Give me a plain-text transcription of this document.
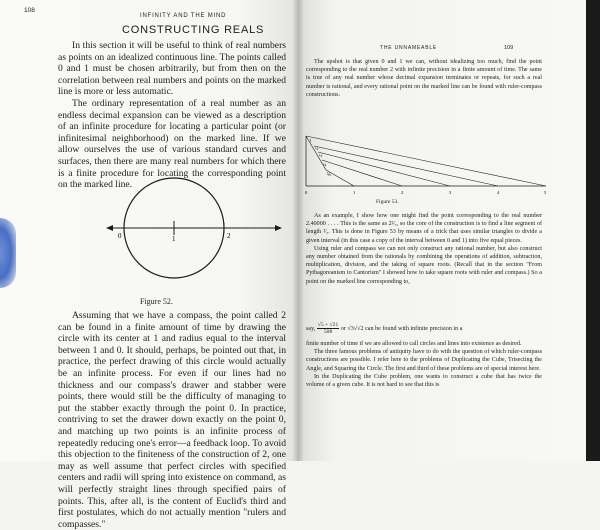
108
INFINITY AND THE MIND
CONSTRUCTING REALS

In this section it will be useful to think of real numbers as points on an idealized continuous line. The points called 0 and 1 must be chosen arbitrarily, but from then on the correlation between real numbers and points on the marked line is more or less automatic.

The ordinary representation of a real number as an endless decimal expansion can be viewed as a description of an infinite procedure for locating a particular point (or infinitesimal neighborhood) on the marked line. If we allow ourselves the use of various standard curves and surfaces, then there are many real numbers for which there is a finite procedure for locating the corresponding point on the marked line.

0	1	2
Figure 52.

Assuming that we have a compass, the point called 2 can be found in a finite amount of time by drawing the circle with its center at 1 and radius equal to the interval between 1 and 0. It should, perhaps, be pointed out that, in practice, the perfect drawing of this circle would actually be an infinite process. For even if our lines had no thickness and our compass's drawer and stabber were points, there would still be the difficulty of managing to put the stabber exactly through the point 0. In practice, contriving to set the drawer down exactly on the point 0, and matching up two points is an infinite process of repeatedly reducing one's error—a feedback loop. To avoid this objection to the finiteness of the construction of 2, one may as well assume that perfect circles with specified centers and radii will spring into existence on command, as will perfectly straight lines through specified pairs of points. This, after all, is the content of Euclid's third and first postulates, which do not actually mention "rulers and compasses."

THE UNNAMEABLE	109

The upshot is that given 0 and 1 we can, without idealizing too much, find the point corresponding to the real number 2 with infinite precision in a finite amount of time. The same is true of any real number whose decimal expansion terminates or repeats, for such a real number is rational, and every rational point on the marked line can be found with ruler-compass constructions.

1
½
⅓
¼
⅕
0	1	2	3	4	5
Figure 53.

As an example, I show how one might find the point corresponding to the real number 2.40000 . . . . This is the same as 2²⁄₅, so the core of the construction is to find a line segment of length ²⁄₅. This is done in Figure 53 by means of a trick that uses similar triangles to divide a given interval (in this case a copy of the interval between 0 and 1) into five equal pieces.

Using ruler and compass we can not only construct any rational number, but also construct any number obtained from the rationals by combining the operations of addition, subtraction, multiplication, division, and the taking of square roots. (Recall that in the section "From Pythagoreanism to Cantorism" I showed how to take square roots with ruler and compass.) So a point on the marked line corresponding to,

say, $\frac{√5 + √21}{508}$ or √3√√2 can be found with infinite precision in a

finite number of time if we are allowed to call circles and lines into existence as desired.

The three famous problems of antiquity have to do with the question of which ruler-compass constructions are possible. I refer here to the problems of Duplicating the Cube, Trisecting the Angle, and Squaring the Circle. The first and third of these problems are of special interest here.

In the Duplicating the Cube problem, one wants to construct a cube that has twice the volume of a given cube. It is not hard to see that this is
